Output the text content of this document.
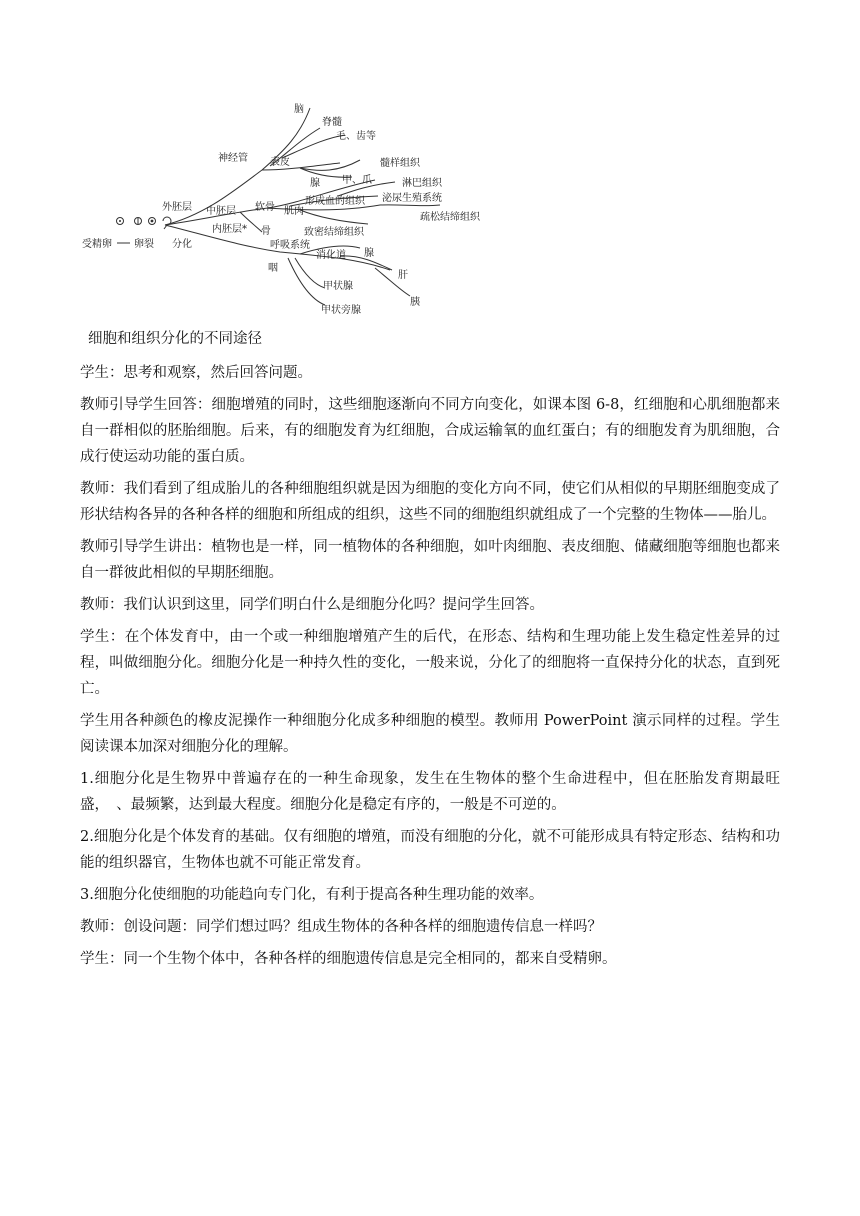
脑
脊髓
毛、齿等
神经管 表皮	髓样组织
腺 甲、爪	淋巴组织
外胚层
形成血的组织 泌尿生殖系统
中胚层 软骨 肌肉
疏松结缔组织
内胚层* 骨	致密结缔组织
受精卵 卵裂 分化	呼吸系统
消化道 腺
咽
肝
甲状腺
胰
甲状旁腺

细胞和组织分化的不同途径

学生：思考和观察，然后回答问题。

教师引导学生回答：细胞增殖的同时，这些细胞逐渐向不同方向变化，如课本图 6-8，红细胞和心肌细胞都来自一群相似的胚胎细胞。后来，有的细胞发育为红细胞，合成运输氧的血红蛋白；有的细胞发育为肌细胞，合成行使运动功能的蛋白质。

教师：我们看到了组成胎儿的各种细胞组织就是因为细胞的变化方向不同，使它们从相似的早期胚细胞变成了形状结构各异的各种各样的细胞和所组成的组织，这些不同的细胞组织就组成了一个完整的生物体——胎儿。

教师引导学生讲出：植物也是一样，同一植物体的各种细胞，如叶肉细胞、表皮细胞、储藏细胞等细胞也都来自一群彼此相似的早期胚细胞。

教师：我们认识到这里，同学们明白什么是细胞分化吗？提问学生回答。

学生：在个体发育中，由一个或一种细胞增殖产生的后代，在形态、结构和生理功能上发生稳定性差异的过程，叫做细胞分化。细胞分化是一种持久性的变化，一般来说，分化了的细胞将一直保持分化的状态，直到死亡。

学生用各种颜色的橡皮泥操作一种细胞分化成多种细胞的模型。教师用 PowerPoint 演示同样的过程。学生阅读课本加深对细胞分化的理解。

1.细胞分化是生物界中普遍存在的一种生命现象，发生在生物体的整个生命进程中，但在胚胎发育期最旺盛，　、最频繁，达到最大程度。细胞分化是稳定有序的，一般是不可逆的。

2.细胞分化是个体发育的基础。仅有细胞的增殖，而没有细胞的分化，就不可能形成具有特定形态、结构和功能的组织器官，生物体也就不可能正常发育。

3.细胞分化使细胞的功能趋向专门化，有利于提高各种生理功能的效率。

教师：创设问题：同学们想过吗？组成生物体的各种各样的细胞遗传信息一样吗？

学生：同一个生物个体中，各种各样的细胞遗传信息是完全相同的，都来自受精卵。
